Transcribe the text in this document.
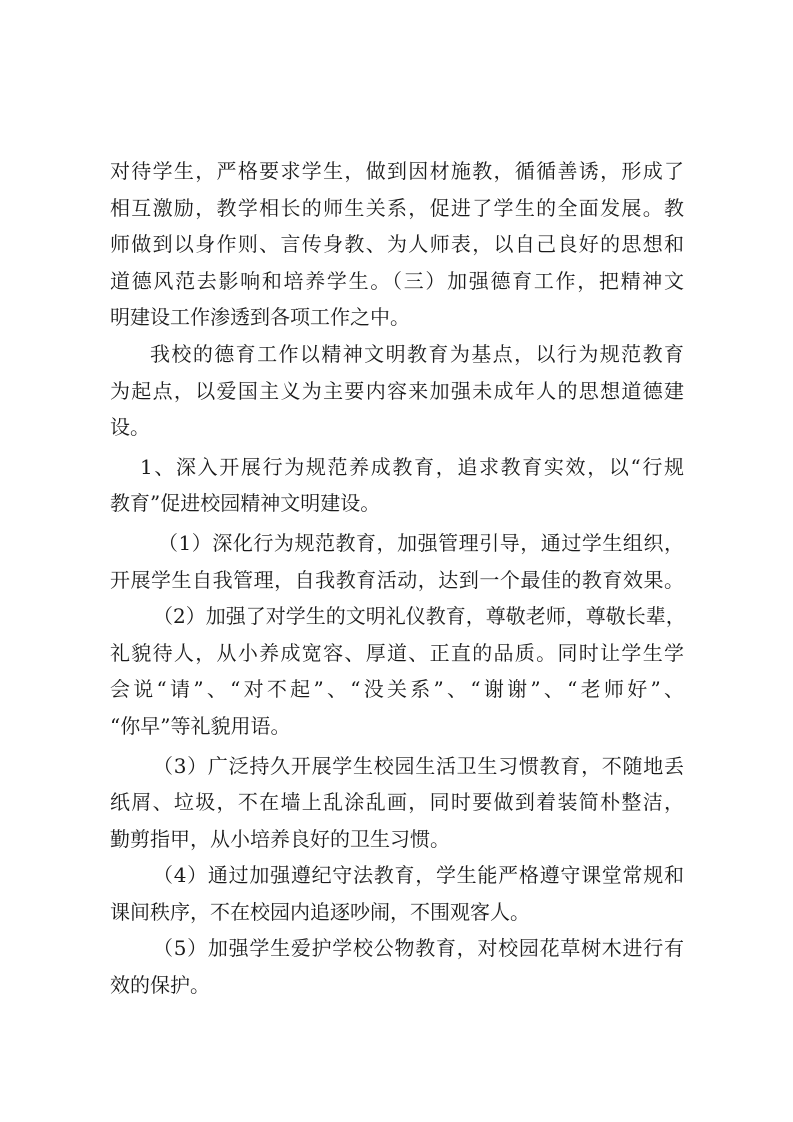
对待学生，严格要求学生，做到因材施教，循循善诱，形成了
相互激励，教学相长的师生关系，促进了学生的全面发展。教
师做到以身作则、言传身教、为人师表，以自己良好的思想和
道德风范去影响和培养学生。（三）加强德育工作，把精神文
明建设工作渗透到各项工作之中。
我校的德育工作以精神文明教育为基点，以行为规范教育
为起点，以爱国主义为主要内容来加强未成年人的思想道德建
设。
1、深入开展行为规范养成教育，追求教育实效，以“行规
教育”促进校园精神文明建设。
（1）深化行为规范教育，加强管理引导，通过学生组织，
开展学生自我管理，自我教育活动，达到一个最佳的教育效果。
（2）加强了对学生的文明礼仪教育，尊敬老师，尊敬长辈，
礼貌待人，从小养成宽容、厚道、正直的品质。同时让学生学
会说“请”、“对不起”、“没关系”、“谢谢”、“老师好”、
“你早”等礼貌用语。
（3）广泛持久开展学生校园生活卫生习惯教育，不随地丢
纸屑、垃圾，不在墙上乱涂乱画，同时要做到着装简朴整洁，
勤剪指甲，从小培养良好的卫生习惯。
（4）通过加强遵纪守法教育，学生能严格遵守课堂常规和
课间秩序，不在校园内追逐吵闹，不围观客人。
（5）加强学生爱护学校公物教育，对校园花草树木进行有
效的保护。
